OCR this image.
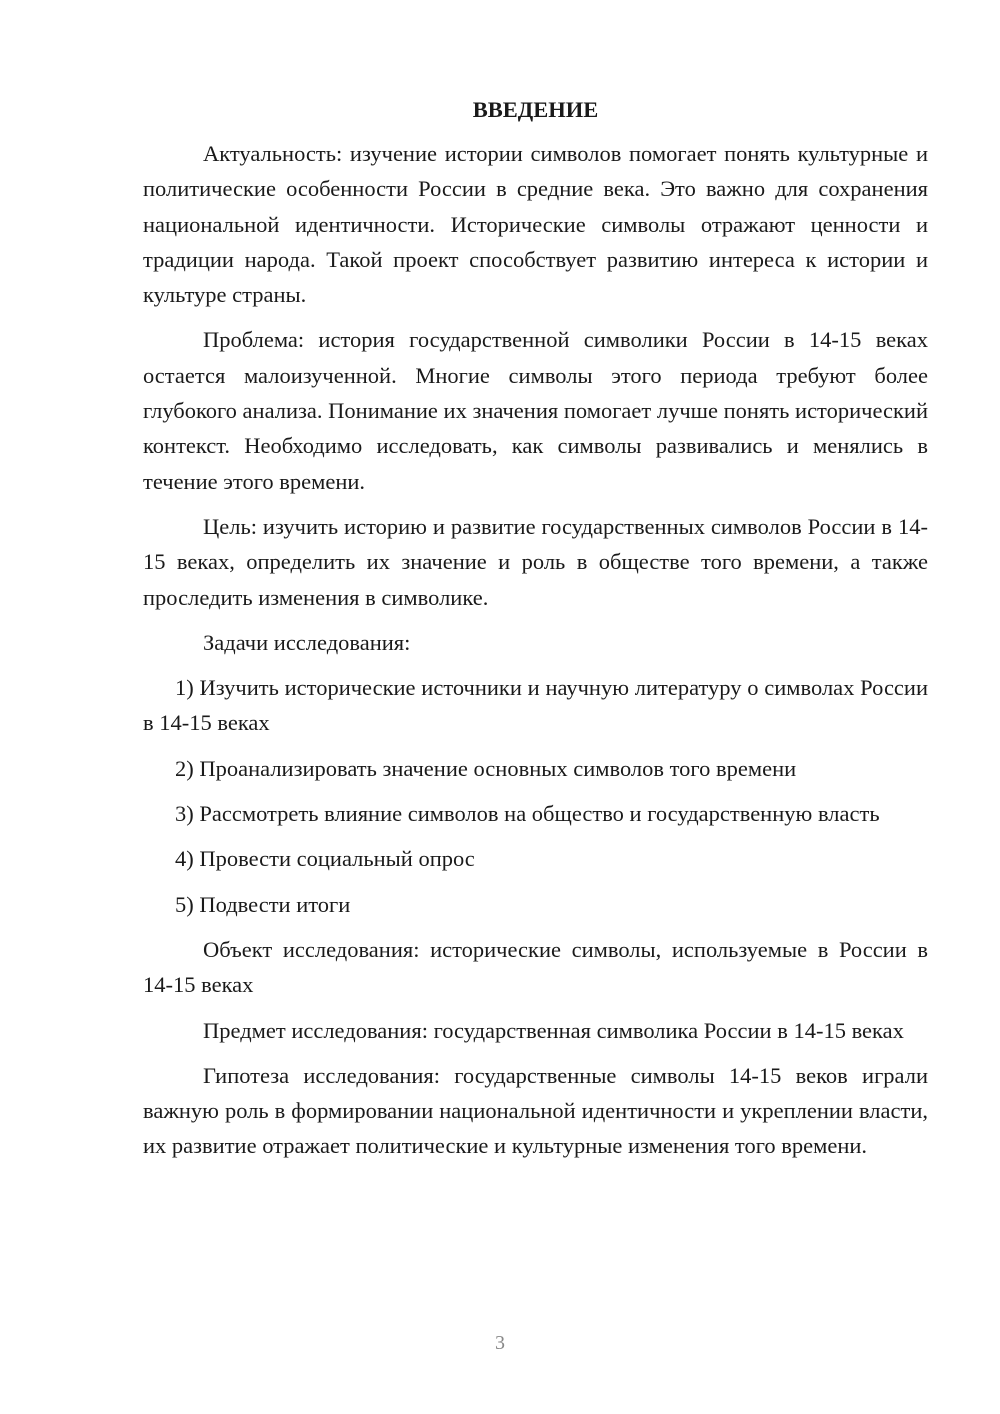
ВВЕДЕНИЕ

Актуальность: изучение истории символов помогает понять культурные и политические особенности России в средние века. Это важно для сохранения национальной идентичности. Исторические символы отражают ценности и традиции народа. Такой проект способствует развитию интереса к истории и культуре страны.

Проблема: история государственной символики России в 14-15 веках остается малоизученной. Многие символы этого периода требуют более глубокого анализа. Понимание их значения помогает лучше понять исторический контекст. Необходимо исследовать, как символы развивались и менялись в течение этого времени.

Цель: изучить историю и развитие государственных символов России в 14-15 веках, определить их значение и роль в обществе того времени, а также проследить изменения в символике.

Задачи исследования:

1) Изучить исторические источники и научную литературу о символах России в 14-15 веках

2) Проанализировать значение основных символов того времени

3) Рассмотреть влияние символов на общество и государственную власть

4) Провести социальный опрос

5) Подвести итоги

Объект исследования: исторические символы, используемые в России в 14-15 веках

Предмет исследования: государственная символика России в 14-15 веках

Гипотеза исследования: государственные символы 14-15 веков играли важную роль в формировании национальной идентичности и укреплении власти, их развитие отражает политические и культурные изменения того времени.

3
